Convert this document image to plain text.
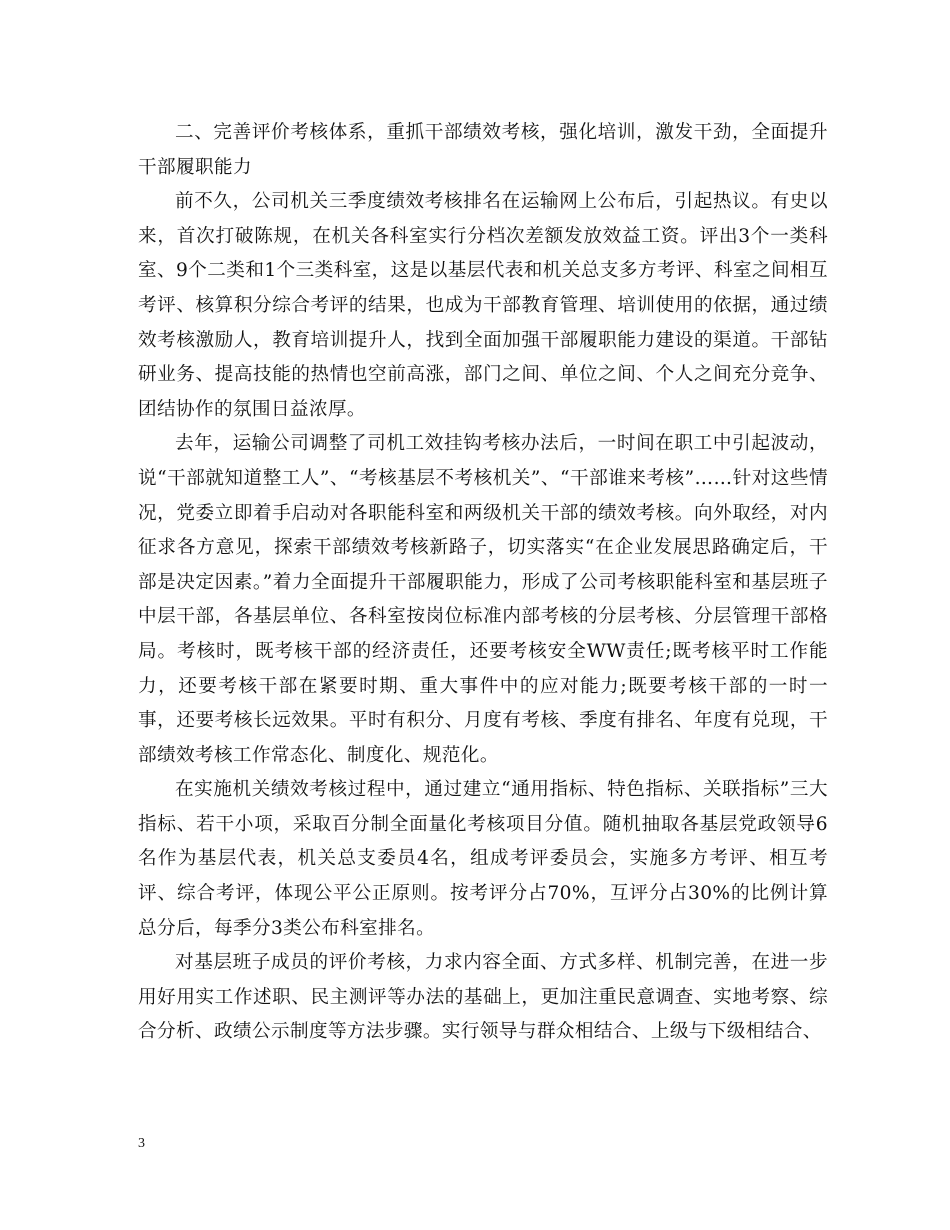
二、完善评价考核体系，重抓干部绩效考核，强化培训，激发干劲，全面提升干部履职能力

前不久，公司机关三季度绩效考核排名在运输网上公布后，引起热议。有史以来，首次打破陈规，在机关各科室实行分档次差额发放效益工资。评出3个一类科室、9个二类和1个三类科室，这是以基层代表和机关总支多方考评、科室之间相互考评、核算积分综合考评的结果，也成为干部教育管理、培训使用的依据，通过绩效考核激励人，教育培训提升人，找到全面加强干部履职能力建设的渠道。干部钻研业务、提高技能的热情也空前高涨，部门之间、单位之间、个人之间充分竞争、团结协作的氛围日益浓厚。

去年，运输公司调整了司机工效挂钩考核办法后，一时间在职工中引起波动，说“干部就知道整工人”、“考核基层不考核机关”、“干部谁来考核”……针对这些情况，党委立即着手启动对各职能科室和两级机关干部的绩效考核。向外取经，对内征求各方意见，探索干部绩效考核新路子，切实落实“在企业发展思路确定后，干部是决定因素。”着力全面提升干部履职能力，形成了公司考核职能科室和基层班子中层干部，各基层单位、各科室按岗位标准内部考核的分层考核、分层管理干部格局。考核时，既考核干部的经济责任，还要考核安全WW责任;既考核平时工作能力，还要考核干部在紧要时期、重大事件中的应对能力;既要考核干部的一时一事，还要考核长远效果。平时有积分、月度有考核、季度有排名、年度有兑现，干部绩效考核工作常态化、制度化、规范化。

在实施机关绩效考核过程中，通过建立“通用指标、特色指标、关联指标”三大指标、若干小项，采取百分制全面量化考核项目分值。随机抽取各基层党政领导6名作为基层代表，机关总支委员4名，组成考评委员会，实施多方考评、相互考评、综合考评，体现公平公正原则。按考评分占70%，互评分占30%的比例计算总分后，每季分3类公布科室排名。

对基层班子成员的评价考核，力求内容全面、方式多样、机制完善，在进一步用好用实工作述职、民主测评等办法的基础上，更加注重民意调查、实地考察、综合分析、政绩公示制度等方法步骤。实行领导与群众相结合、上级与下级相结合、

3
